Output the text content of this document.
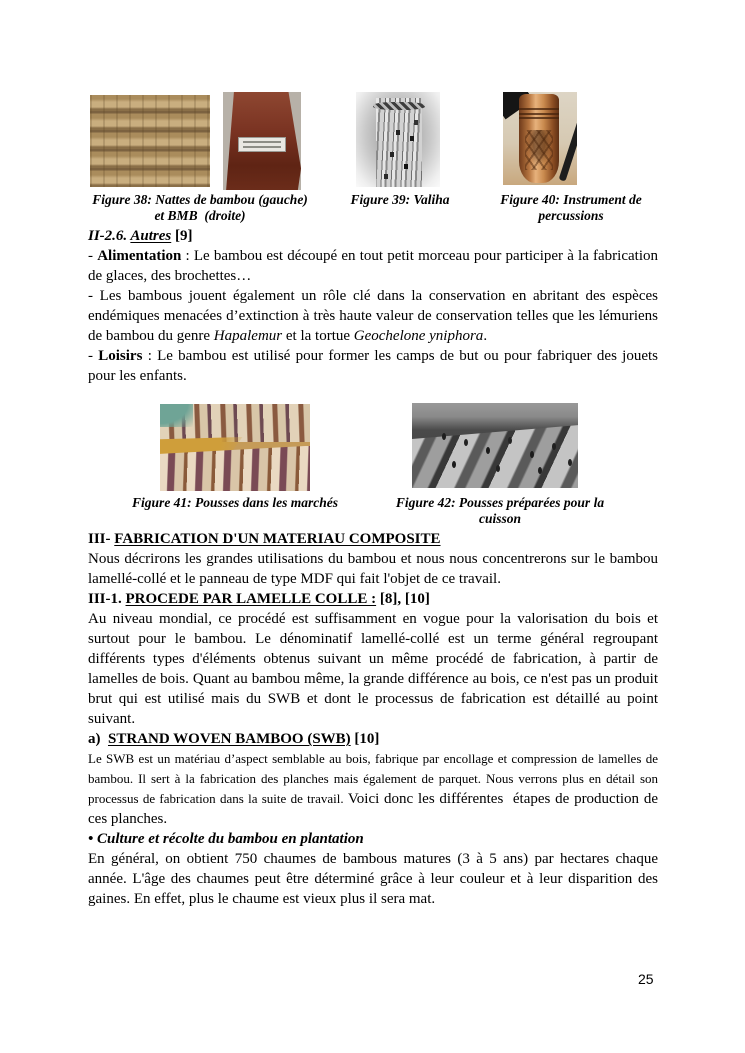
Figure 38: Nattes de bambou (gauche)
et BMB  (droite)
Figure 39: Valiha	Figure 40: Instrument de
percussions
II-2.6. Autres [9]

- Alimentation : Le bambou est découpé en tout petit morceau pour participer à la fabrication de glaces, des brochettes…

- Les bambous jouent également un rôle clé dans la conservation en abritant des espèces endémiques menacées d’extinction à très haute valeur de conservation telles que les lémuriens de bambou du genre Hapalemur et la tortue Geochelone yniphora.

- Loisirs : Le bambou est utilisé pour former les camps de but ou pour fabriquer des jouets pour les enfants.

Figure 41: Pousses dans les marchés	Figure 42: Pousses préparées pour la
cuisson
III- FABRICATION D'UN MATERIAU COMPOSITE

Nous décrirons les grandes utilisations du bambou et nous nous concentrerons sur le bambou lamellé-collé et le panneau de type MDF qui fait l'objet de ce travail.

III-1. PROCEDE PAR LAMELLE COLLE : [8], [10]

Au niveau mondial, ce procédé est suffisamment en vogue pour la valorisation du bois et surtout pour le bambou. Le dénominatif lamellé-collé est un terme général regroupant différents types d'éléments obtenus suivant un même procédé de fabrication, à partir de lamelles de bois. Quant au bambou même, la grande différence au bois, ce n'est pas un produit brut qui est utilisé mais du SWB et dont le processus de fabrication est détaillé au point suivant.

a)  STRAND WOVEN BAMBOO (SWB) [10]

Le SWB est un matériau d’aspect semblable au bois, fabrique par encollage et compression de lamelles de bambou. Il sert à la fabrication des planches mais également de parquet. Nous verrons plus en détail son processus de fabrication dans la suite de travail. Voici donc les différentes  étapes de production de ces planches.

• Culture et récolte du bambou en plantation

En général, on obtient 750 chaumes de bambous matures (3 à 5 ans) par hectares chaque année. L'âge des chaumes peut être déterminé grâce à leur couleur et à leur disparition des gaines. En effet, plus le chaume est vieux plus il sera mat.

25
